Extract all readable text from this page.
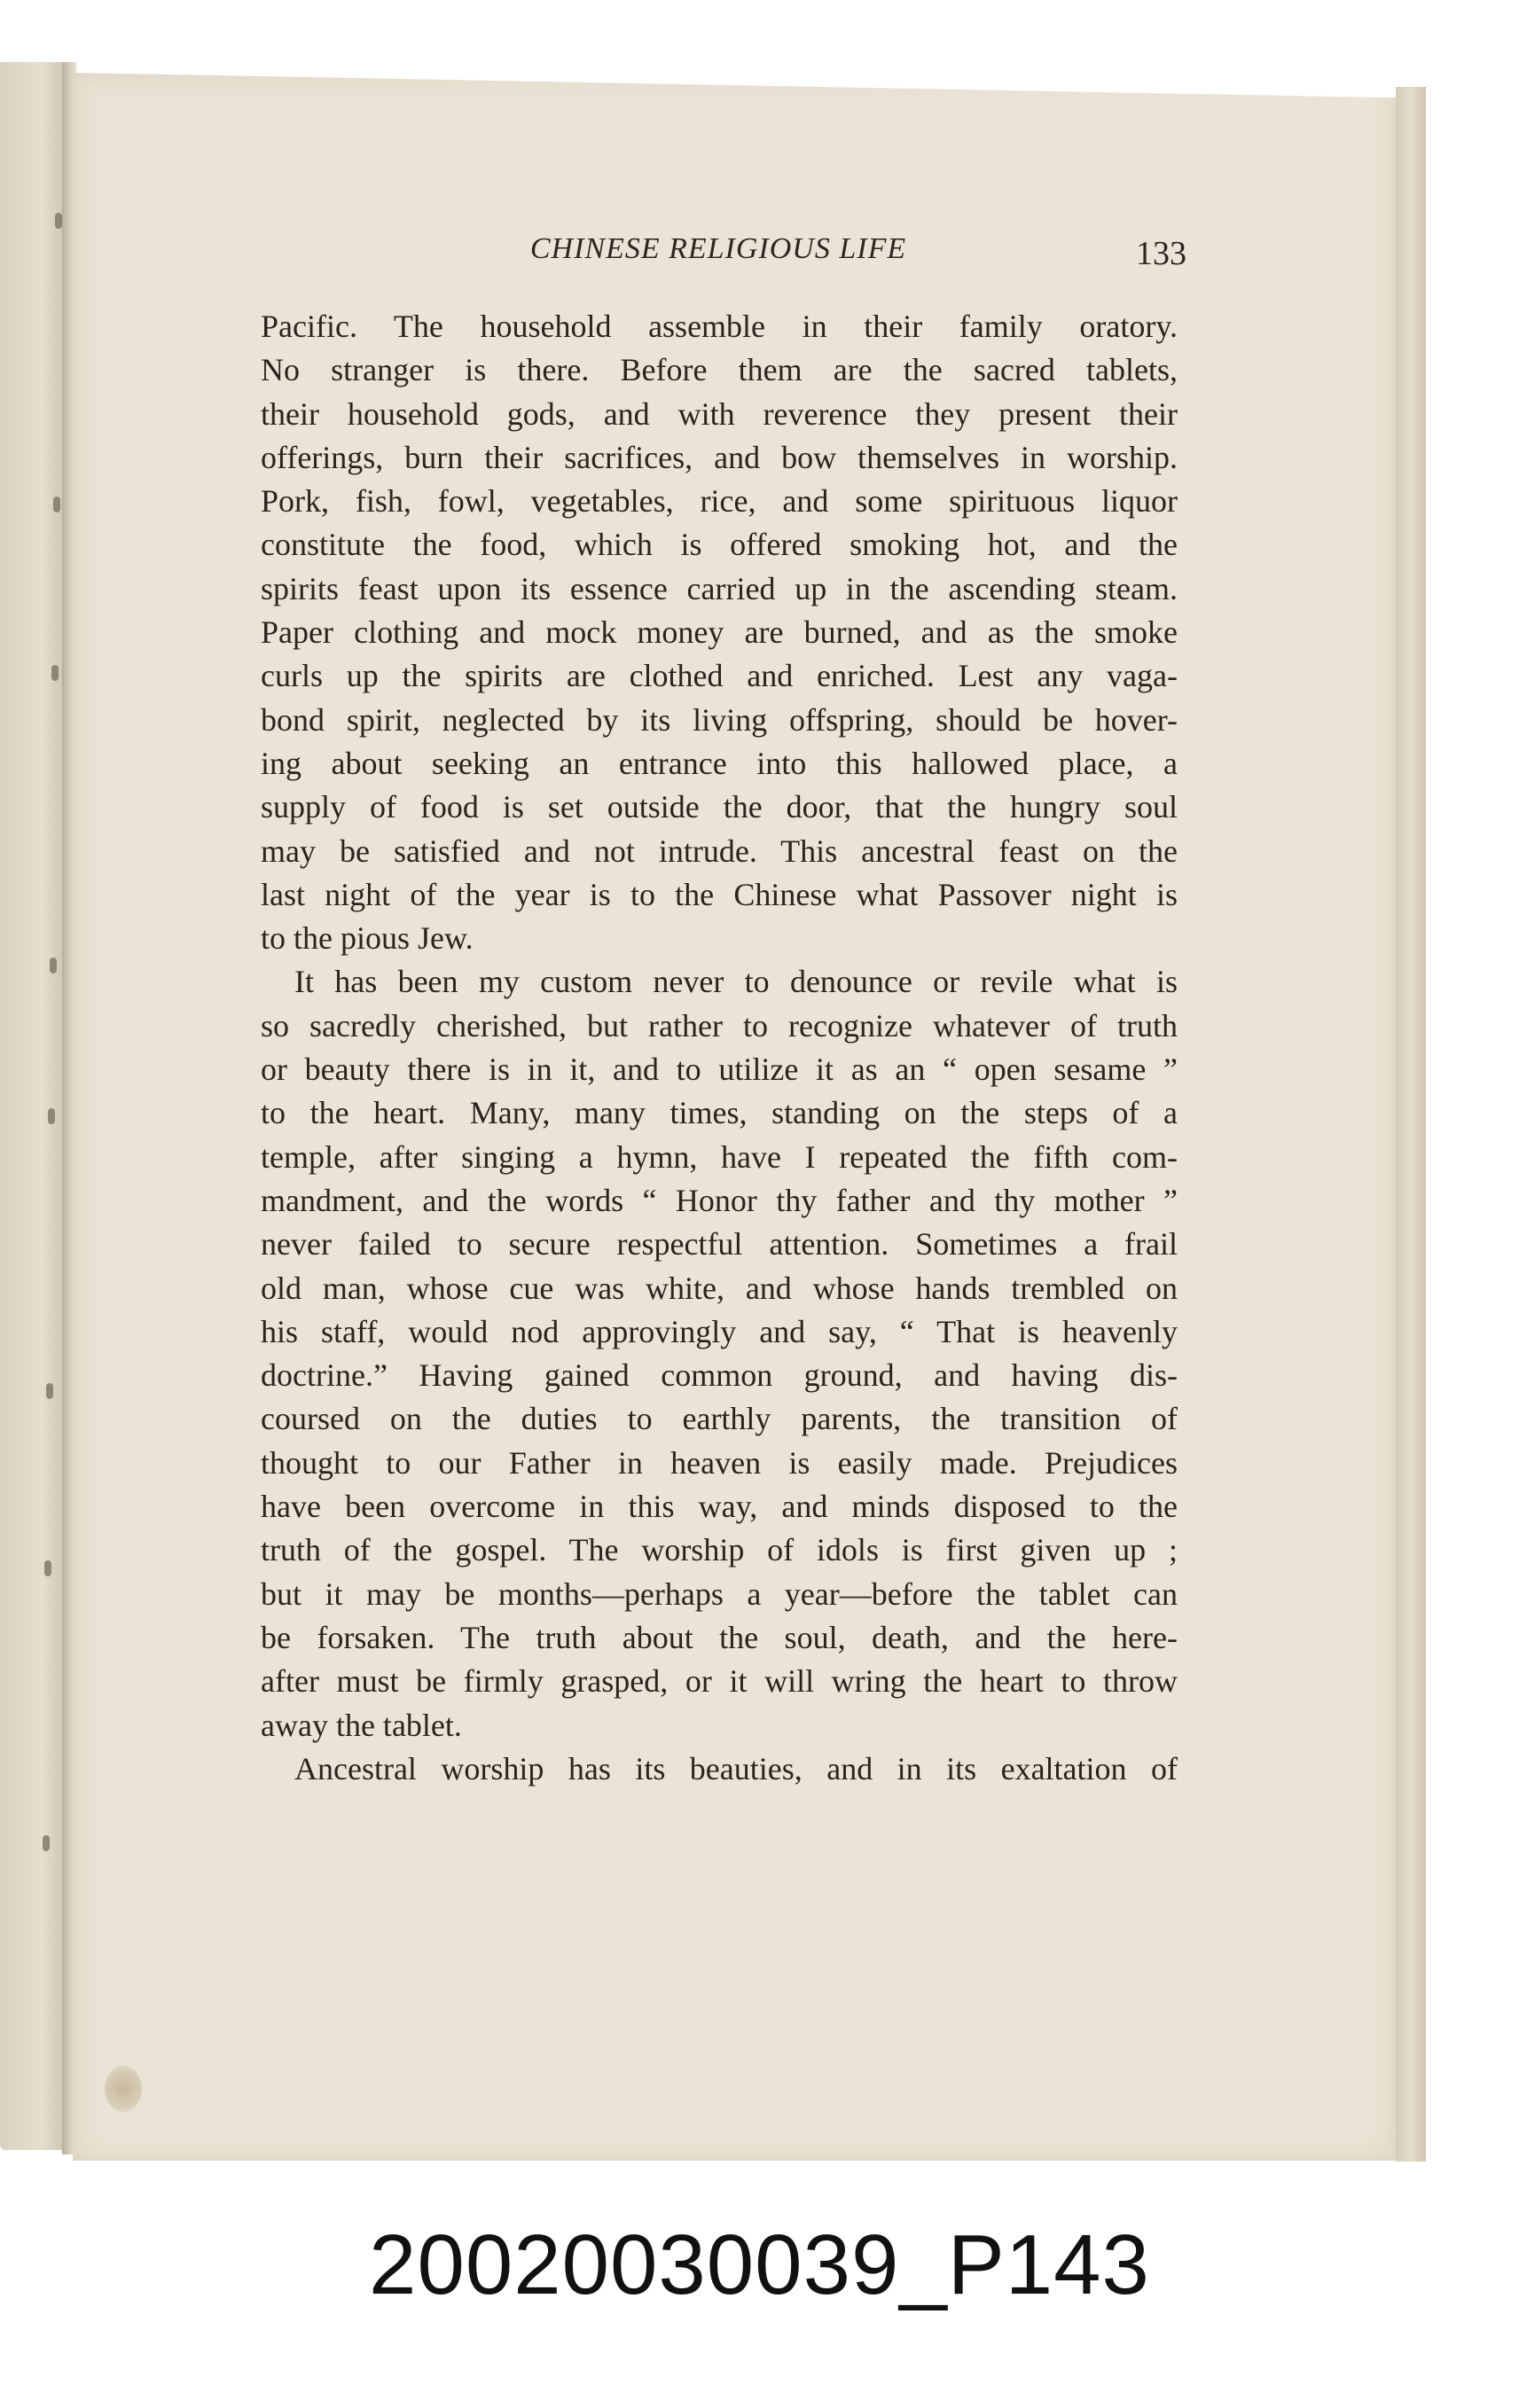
CHINESE RELIGIOUS LIFE	133
Pacific. The household assemble in their family oratory.
No stranger is there. Before them are the sacred tablets,
their household gods, and with reverence they present their
offerings, burn their sacrifices, and bow themselves in worship.
Pork, fish, fowl, vegetables, rice, and some spirituous liquor
constitute the food, which is offered smoking hot, and the
spirits feast upon its essence carried up in the ascending steam.
Paper clothing and mock money are burned, and as the smoke
curls up the spirits are clothed and enriched. Lest any vaga-
bond spirit, neglected by its living offspring, should be hover-
ing about seeking an entrance into this hallowed place, a
supply of food is set outside the door, that the hungry soul
may be satisfied and not intrude. This ancestral feast on the
last night of the year is to the Chinese what Passover night is
to the pious Jew.
It has been my custom never to denounce or revile what is
so sacredly cherished, but rather to recognize whatever of truth
or beauty there is in it, and to utilize it as an “ open sesame ”
to the heart. Many, many times, standing on the steps of a
temple, after singing a hymn, have I repeated the fifth com-
mandment, and the words “ Honor thy father and thy mother ”
never failed to secure respectful attention. Sometimes a frail
old man, whose cue was white, and whose hands trembled on
his staff, would nod approvingly and say, “ That is heavenly
doctrine.” Having gained common ground, and having dis-
coursed on the duties to earthly parents, the transition of
thought to our Father in heaven is easily made. Prejudices
have been overcome in this way, and minds disposed to the
truth of the gospel. The worship of idols is first given up ;
but it may be months—perhaps a year—before the tablet can
be forsaken. The truth about the soul, death, and the here-
after must be firmly grasped, or it will wring the heart to throw
away the tablet.
Ancestral worship has its beauties, and in its exaltation of
20020030039_P143
